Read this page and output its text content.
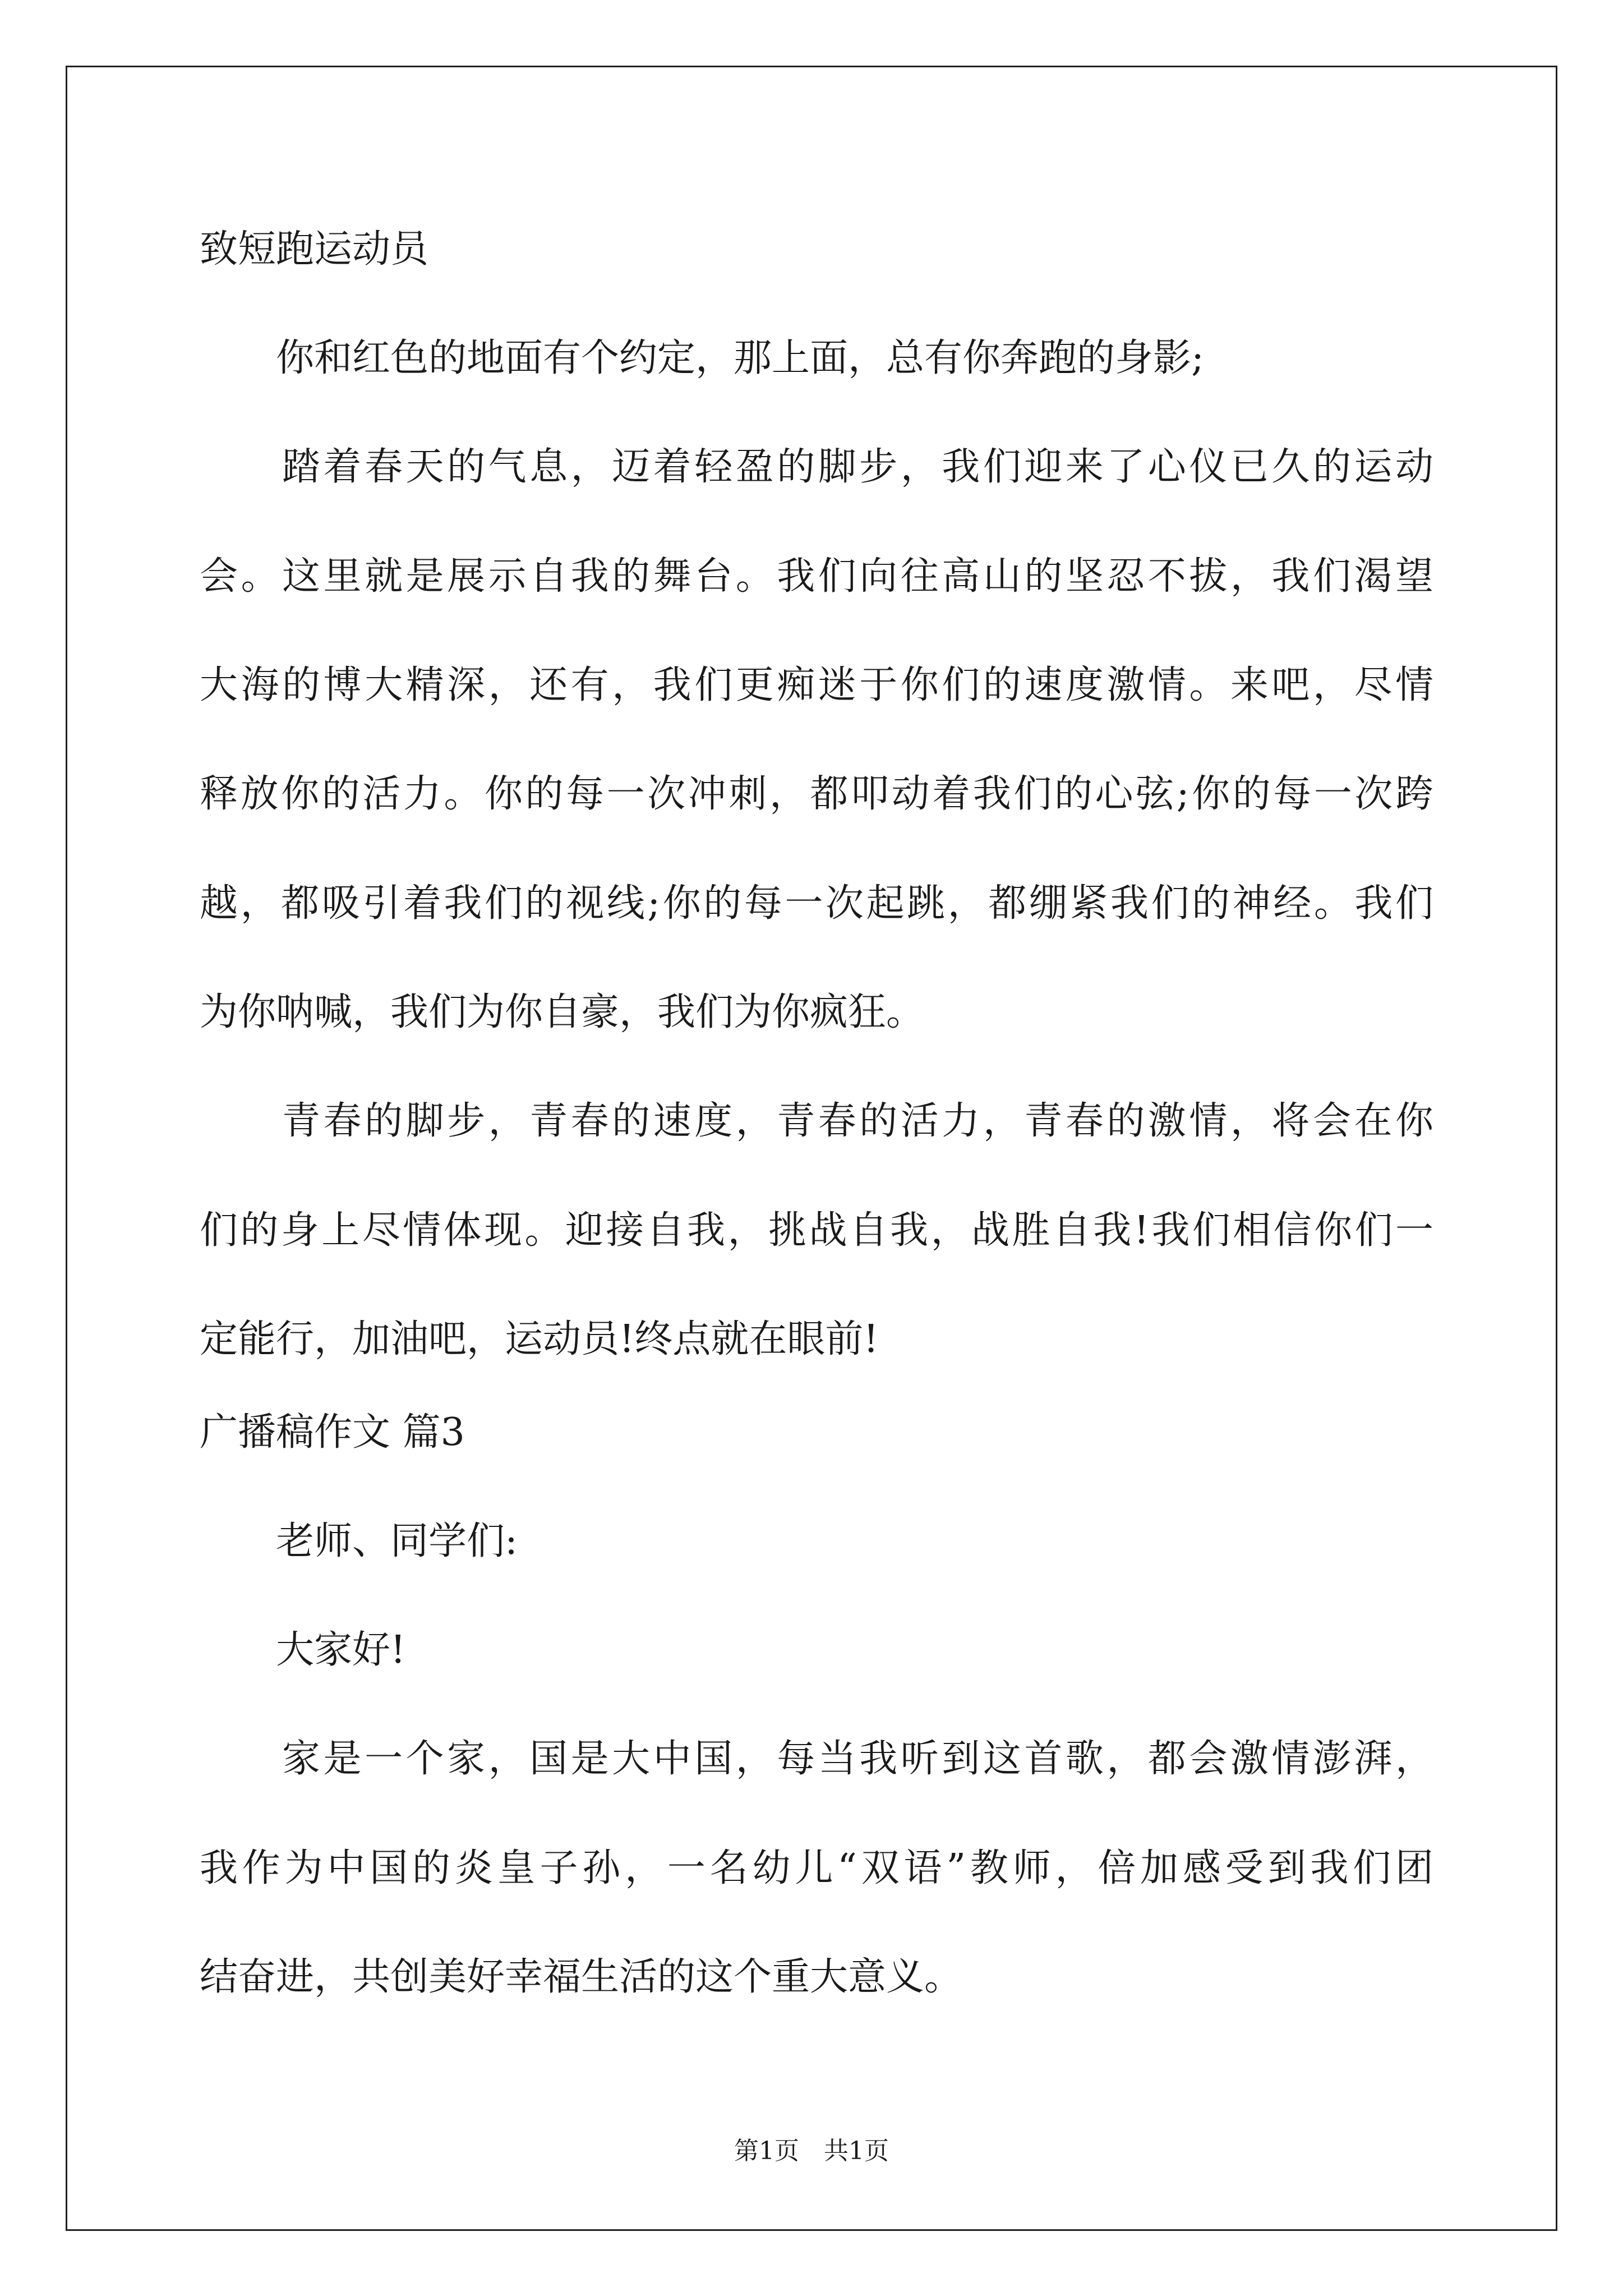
致短跑运动员
　　你和红色的地面有个约定，那上面，总有你奔跑的身影;
　　踏着春天的气息，迈着轻盈的脚步，我们迎来了心仪已久的运动
会。这里就是展示自我的舞台。我们向往高山的坚忍不拔，我们渴望
大海的博大精深，还有，我们更痴迷于你们的速度激情。来吧，尽情
释放你的活力。你的每一次冲刺，都叩动着我们的心弦;你的每一次跨
越，都吸引着我们的视线;你的每一次起跳，都绷紧我们的神经。我们
为你呐喊，我们为你自豪，我们为你疯狂。
　　青春的脚步，青春的速度，青春的活力，青春的激情，将会在你
们的身上尽情体现。迎接自我，挑战自我，战胜自我!我们相信你们一
定能行，加油吧，运动员!终点就在眼前!
广播稿作文 篇3
　　老师、同学们:
　　大家好!
　　家是一个家，国是大中国，每当我听到这首歌，都会激情澎湃，
我作为中国的炎皇子孙，一名幼儿“双语”教师，倍加感受到我们团
结奋进，共创美好幸福生活的这个重大意义。
第1页　共1页
